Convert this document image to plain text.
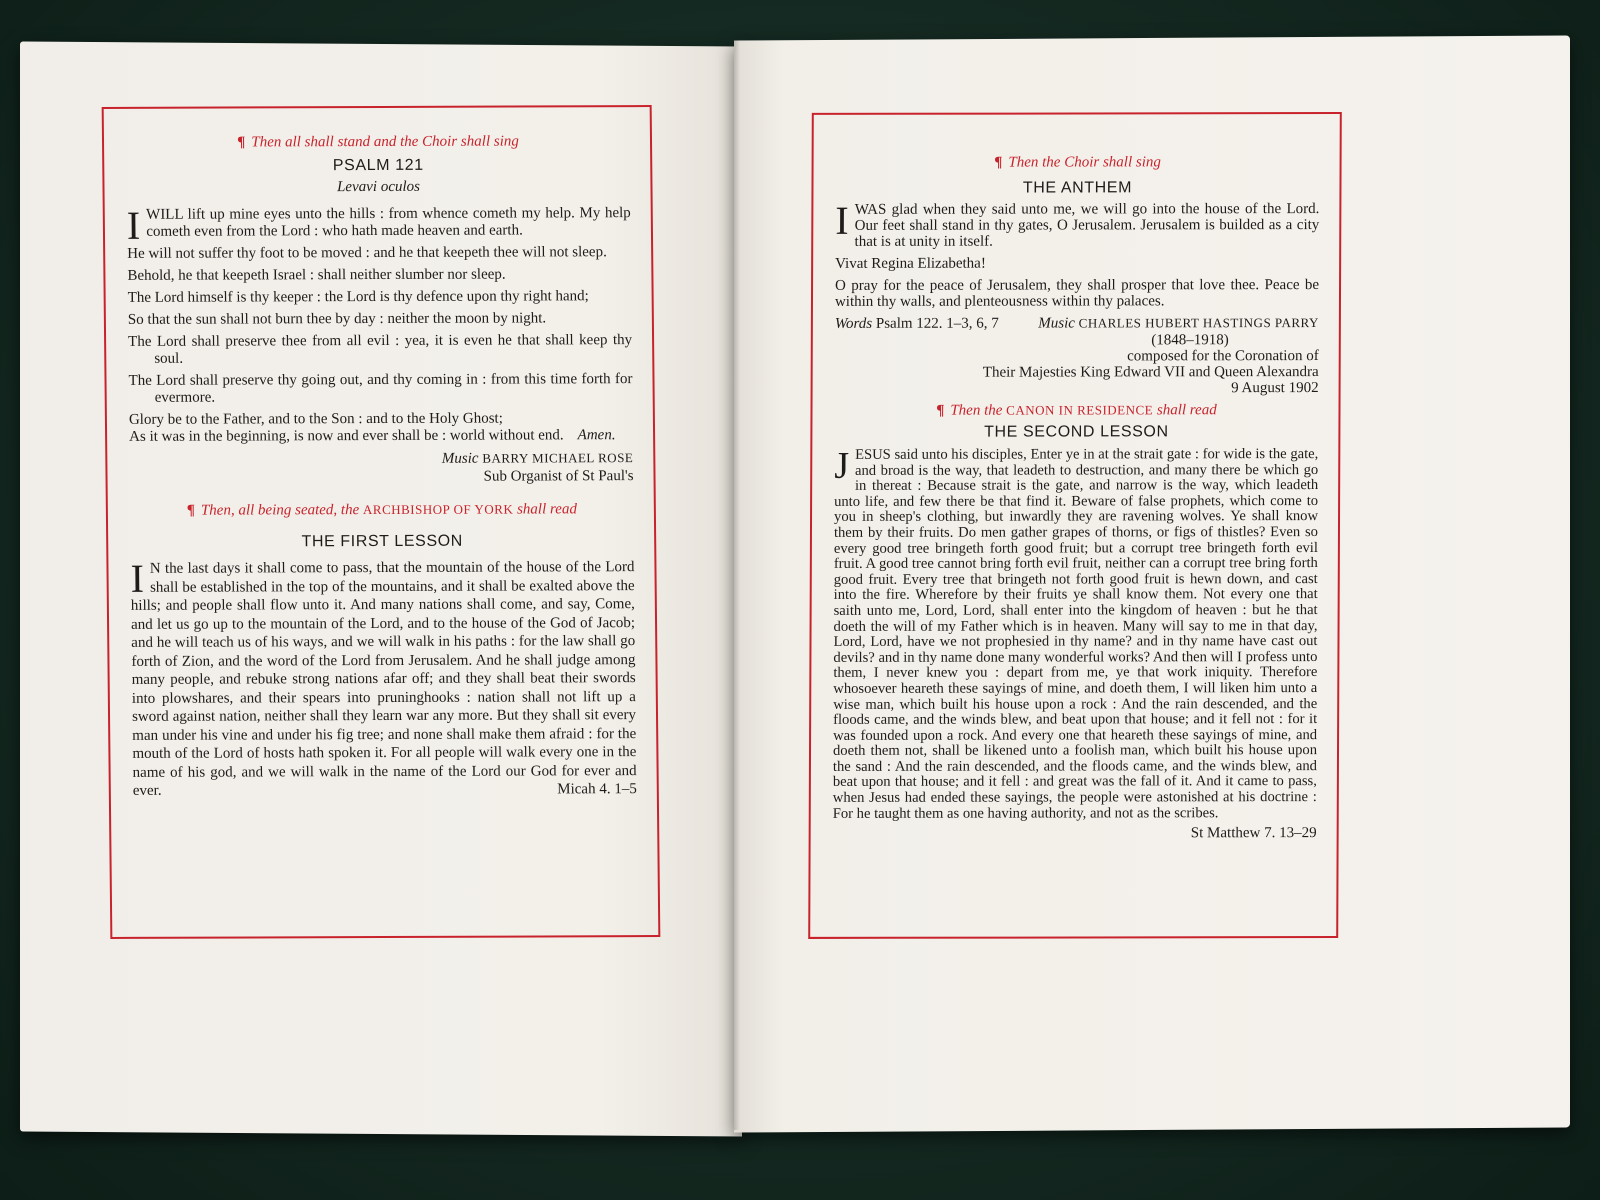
¶ Then all shall stand and the Choir shall sing

PSALM 121
Levavi oculos

IWILL lift up mine eyes unto the hills : from whence cometh my help. My help cometh even from the Lord : who hath made heaven and earth.

He will not suffer thy foot to be moved : and he that keepeth thee will not sleep.

Behold, he that keepeth Israel : shall neither slumber nor sleep.

The Lord himself is thy keeper : the Lord is thy defence upon thy right hand;

So that the sun shall not burn thee by day : neither the moon by night.

The Lord shall preserve thee from all evil : yea, it is even he that shall keep thy soul.

The Lord shall preserve thy going out, and thy coming in : from this time forth for evermore.

Glory be to the Father, and to the Son : and to the Holy Ghost;

As it was in the beginning, is now and ever shall be : world without end. Amen.

Music BARRY MICHAEL ROSE
Sub Organist of St Paul's

¶ Then, all being seated, the ARCHBISHOP OF YORK shall read

THE FIRST LESSON

I N the last days it shall come to pass, that the mountain of the house of the Lord shall be established in the top of the mountains, and it shall be exalted above the hills; and people shall flow unto it. And many nations shall come, and say, Come, and let us go up to the mountain of the Lord, and to the house of the God of Jacob; and he will teach us of his ways, and we will walk in his paths : for the law shall go forth of Zion, and the word of the Lord from Jerusalem. And he shall judge among many people, and rebuke strong nations afar off; and they shall beat their swords into plowshares, and their spears into pruninghooks : nation shall not lift up a sword against nation, neither shall they learn war any more. But they shall sit every man under his vine and under his fig tree; and none shall make them afraid : for the mouth of the Lord of hosts hath spoken it. For all people will walk every one in the name of his god, and we will walk in the name of the Lord our God for ever and ever.	Micah 4. 1–5

¶ Then the Choir shall sing

THE ANTHEM

IWAS glad when they said unto me, we will go into the house of the Lord. Our feet shall stand in thy gates, O Jerusalem. Jerusalem is builded as a city that is at unity in itself.

Vivat Regina Elizabetha!

O pray for the peace of Jerusalem, they shall prosper that love thee. Peace be within thy walls, and plenteousness within thy palaces.

Words Psalm 122. 1–3, 6, 7	Music CHARLES HUBERT HASTINGS PARRY
(1848–1918)
composed for the Coronation of
Their Majesties King Edward VII and Queen Alexandra
9 August 1902

¶ Then the CANON IN RESIDENCE shall read

THE SECOND LESSON

JESUS said unto his disciples, Enter ye in at the strait gate : for wide is the gate, and broad is the way, that leadeth to destruction, and many there be which go in thereat : Because strait is the gate, and narrow is the way, which leadeth unto life, and few there be that find it. Beware of false prophets, which come to you in sheep's clothing, but inwardly they are ravening wolves. Ye shall know them by their fruits. Do men gather grapes of thorns, or figs of thistles? Even so every good tree bringeth forth good fruit; but a corrupt tree bringeth forth evil fruit. A good tree cannot bring forth evil fruit, neither can a corrupt tree bring forth good fruit. Every tree that bringeth not forth good fruit is hewn down, and cast into the fire. Wherefore by their fruits ye shall know them. Not every one that saith unto me, Lord, Lord, shall enter into the kingdom of heaven : but he that doeth the will of my Father which is in heaven. Many will say to me in that day, Lord, Lord, have we not prophesied in thy name? and in thy name have cast out devils? and in thy name done many wonderful works? And then will I profess unto them, I never knew you : depart from me, ye that work iniquity. Therefore whosoever heareth these sayings of mine, and doeth them, I will liken him unto a wise man, which built his house upon a rock : And the rain descended, and the floods came, and the winds blew, and beat upon that house; and it fell not : for it was founded upon a rock. And every one that heareth these sayings of mine, and doeth them not, shall be likened unto a foolish man, which built his house upon the sand : And the rain descended, and the floods came, and the winds blew, and beat upon that house; and it fell : and great was the fall of it. And it came to pass, when Jesus had ended these sayings, the people were astonished at his doctrine : For he taught them as one having authority, and not as the scribes.

St Matthew 7. 13–29
